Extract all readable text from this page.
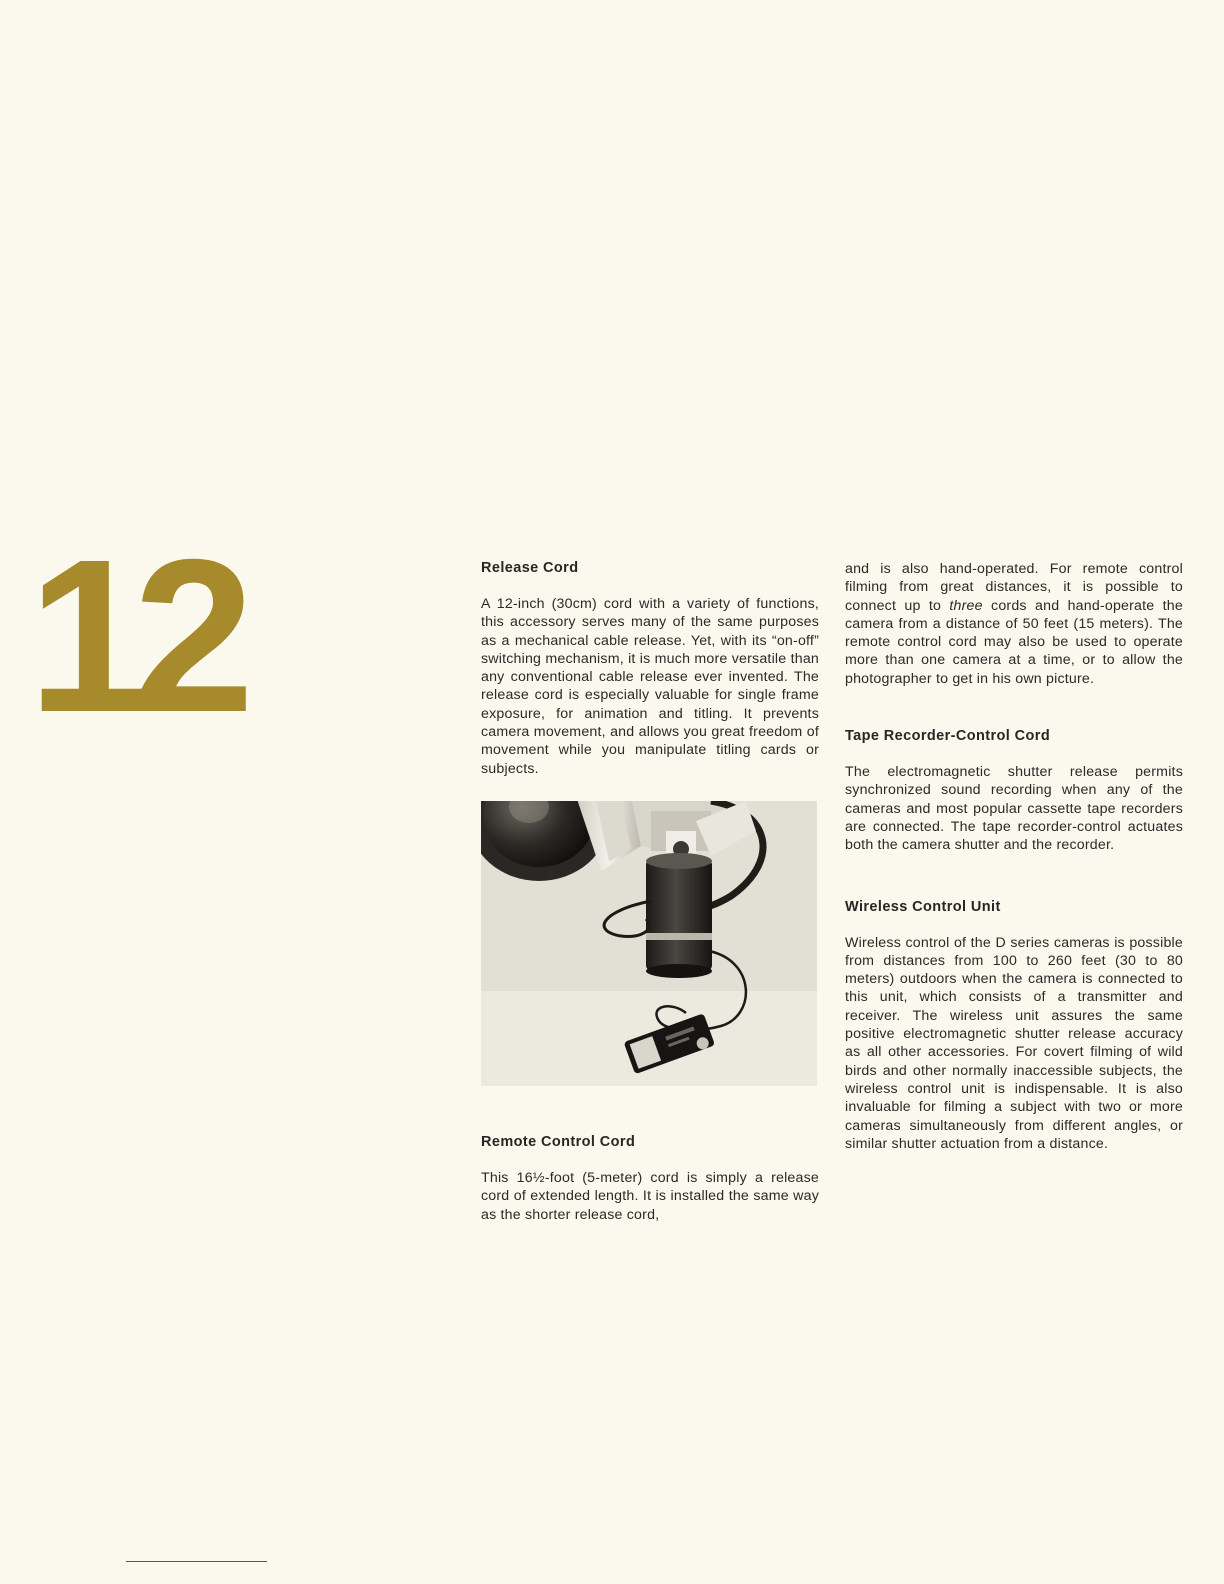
12	Release Cord

A 12-inch (30cm) cord with a variety of functions, this accessory serves many of the same purposes as a mechanical cable release. Yet, with its “on-off” switching mechanism, it is much more versatile than any conventional cable release ever invented. The release cord is especially valuable for single frame exposure, for animation and titling. It prevents camera movement, and allows you great freedom of movement while you manipulate titling cards or subjects.

Remote Control Cord

This 16½-foot (5-meter) cord is simply a release cord of extended length. It is installed the same way as the shorter release cord,

and is also hand-operated. For remote control filming from great distances, it is possible to connect up to three cords and hand-operate the camera from a distance of 50 feet (15 meters). The remote control cord may also be used to operate more than one camera at a time, or to allow the photographer to get in his own picture.

Tape Recorder-Control Cord

The electromagnetic shutter release permits synchronized sound recording when any of the cameras and most popular cassette tape recorders are connected. The tape recorder-control actuates both the camera shutter and the recorder.

Wireless Control Unit

Wireless control of the D series cameras is possible from distances from 100 to 260 feet (30 to 80 meters) outdoors when the camera is connected to this unit, which consists of a transmitter and receiver. The wireless unit assures the same positive electromagnetic shutter release accuracy as all other accessories. For covert filming of wild birds and other normally inaccessible subjects, the wireless control unit is indispensable. It is also invaluable for filming a subject with two or more cameras simultaneously from different angles, or similar shutter actuation from a distance.
